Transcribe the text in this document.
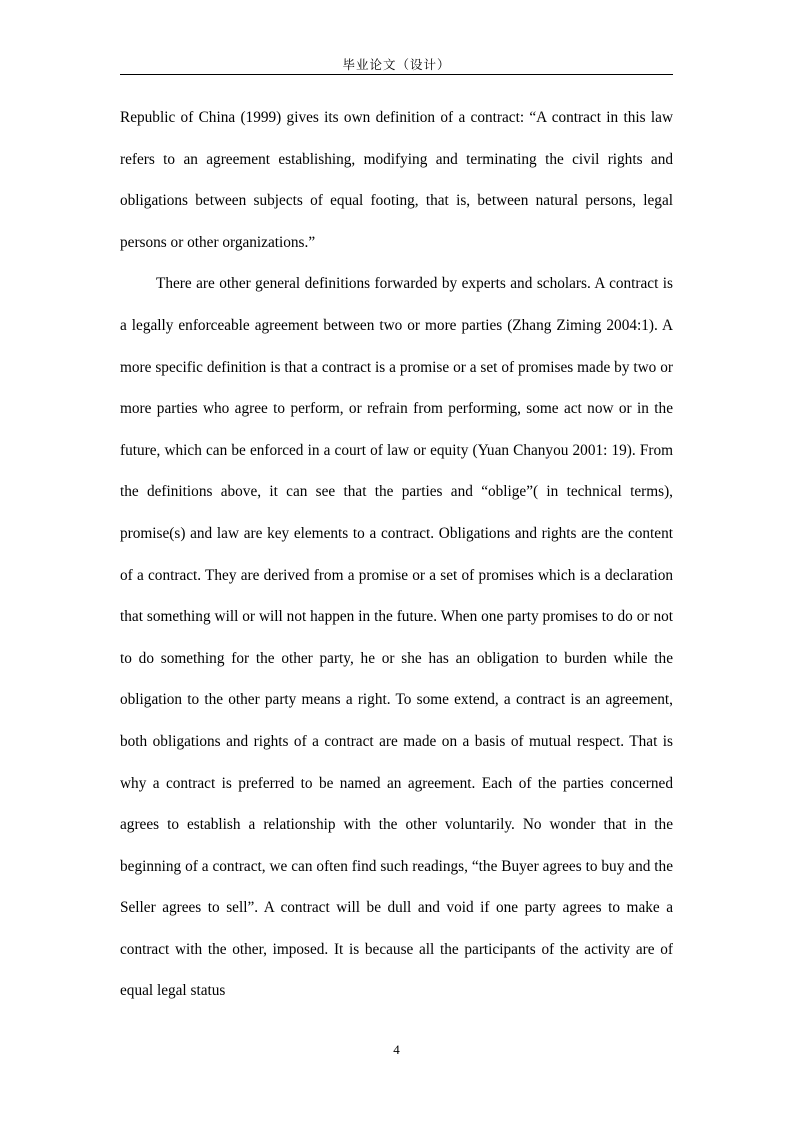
毕业论文（设计）

Republic of China (1999) gives its own definition of a contract: “A contract in this law refers to an agreement establishing, modifying and terminating the civil rights and obligations between subjects of equal footing, that is, between natural persons, legal persons or other organizations.”

There are other general definitions forwarded by experts and scholars. A contract is a legally enforceable agreement between two or more parties (Zhang Ziming 2004:1). A more specific definition is that a contract is a promise or a set of promises made by two or more parties who agree to perform, or refrain from performing, some act now or in the future, which can be enforced in a court of law or equity (Yuan Chanyou 2001: 19). From the definitions above, it can see that the parties and “oblige”( in technical terms), promise(s) and law are key elements to a contract. Obligations and rights are the content of a contract. They are derived from a promise or a set of promises which is a declaration that something will or will not happen in the future. When one party promises to do or not to do something for the other party, he or she has an obligation to burden while the obligation to the other party means a right. To some extend, a contract is an agreement, both obligations and rights of a contract are made on a basis of mutual respect. That is why a contract is preferred to be named an agreement. Each of the parties concerned agrees to establish a relationship with the other voluntarily. No wonder that in the beginning of a contract, we can often find such readings, “the Buyer agrees to buy and the Seller agrees to sell”. A contract will be dull and void if one party agrees to make a contract with the other, imposed. It is because all the participants of the activity are of equal legal status

4
